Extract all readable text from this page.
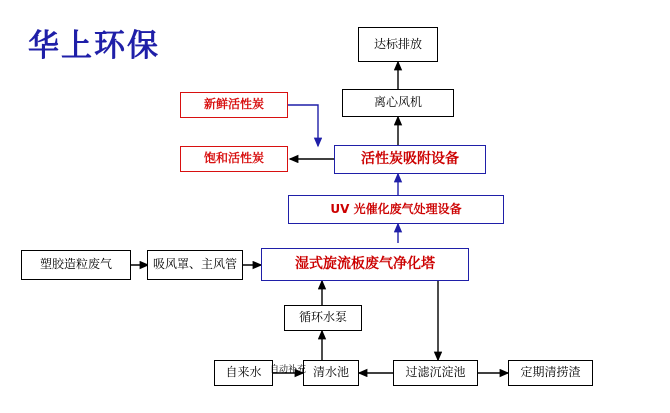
华上环保	达标排放
离心风机
新鲜活性炭
饱和活性炭	活性炭吸附设备
UV 光催化废气处理设备
塑胶造粒废气	吸风罩、主风管	湿式旋流板废气净化塔
循环水泵
自来水	清水池	过滤沉淀池	定期清捞渣
自动补充
